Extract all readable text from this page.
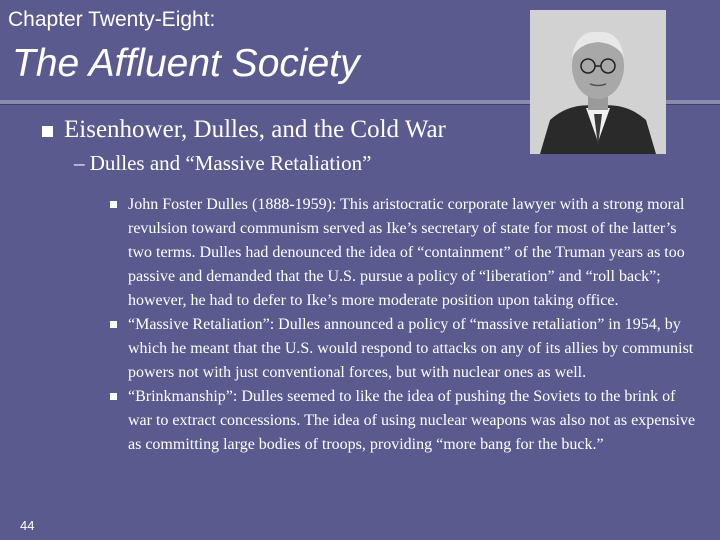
Chapter Twenty-Eight:
The Affluent Society
Eisenhower, Dulles, and the Cold War
– Dulles and “Massive Retaliation”
John Foster Dulles (1888-1959): This aristocratic corporate lawyer with a strong moral revulsion toward communism served as Ike’s secretary of state for most of the latter’s two terms. Dulles had denounced the idea of “containment” of the Truman years as too passive and demanded that the U.S. pursue a policy of “liberation” and “roll back”; however, he had to defer to Ike’s more moderate position upon taking office.
“Massive Retaliation”: Dulles announced a policy of “massive retaliation” in 1954, by which he meant that the U.S. would respond to attacks on any of its allies by communist powers not with just conventional forces, but with nuclear ones as well.
“Brinkmanship”: Dulles seemed to like the idea of pushing the Soviets to the brink of war to extract concessions. The idea of using nuclear weapons was also not as expensive as committing large bodies of troops, providing “more bang for the buck.”
44
